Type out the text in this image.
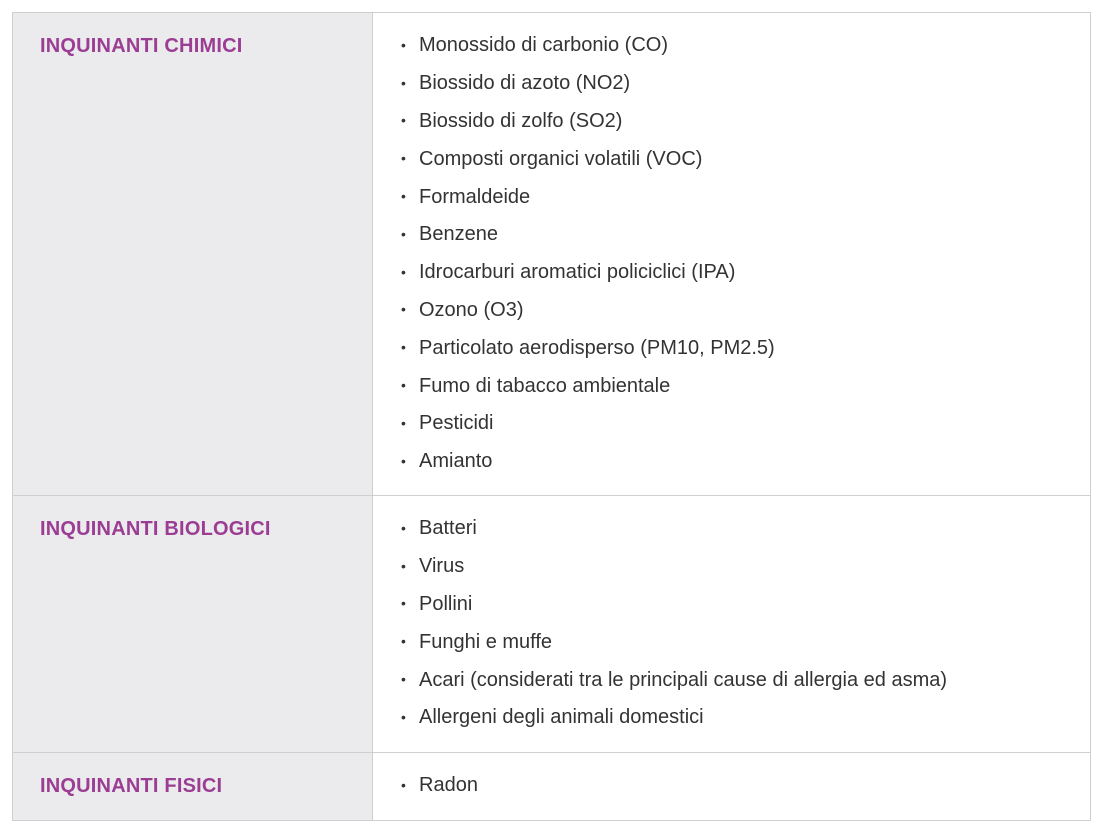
INQUINANTI CHIMICI	• Monossido di carbonio (CO)
• Biossido di azoto (NO2)
• Biossido di zolfo (SO2)
• Composti organici volatili (VOC)
• Formaldeide
• Benzene
• Idrocarburi aromatici policiclici (IPA)
• Ozono (O3)
• Particolato aerodisperso (PM10, PM2.5)
• Fumo di tabacco ambientale
• Pesticidi
• Amianto
INQUINANTI BIOLOGICI	• Batteri
• Virus
• Pollini
• Funghi e muffe
• Acari (considerati tra le principali cause di allergia ed asma)
• Allergeni degli animali domestici
INQUINANTI FISICI	• Radon
